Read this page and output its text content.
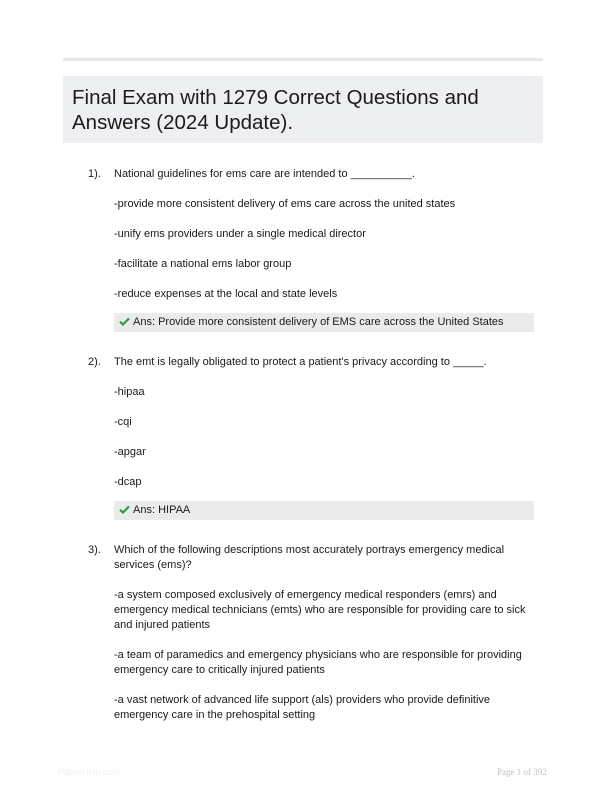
Final Exam with 1279 Correct Questions and Answers (2024 Update).
1). National guidelines for ems care are intended to __________.
-provide more consistent delivery of ems care across the united states
-unify ems providers under a single medical director
-facilitate a national ems labor group
-reduce expenses at the local and state levels
Ans: Provide more consistent delivery of EMS care across the United States
2). The emt is legally obligated to protect a patient's privacy according to _____.
-hipaa
-cqi
-apgar
-dcap
Ans: HIPAA
3). Which of the following descriptions most accurately portrays emergency medical services (ems)?
-a system composed exclusively of emergency medical responders (emrs) and emergency medical technicians (emts) who are responsible for providing care to sick and injured patients
-a team of paramedics and emergency physicians who are responsible for providing emergency care to critically injured patients
-a vast network of advanced life support (als) providers who provide definitive emergency care in the prehospital setting
PaperHelp.com	Page 1 of 392
